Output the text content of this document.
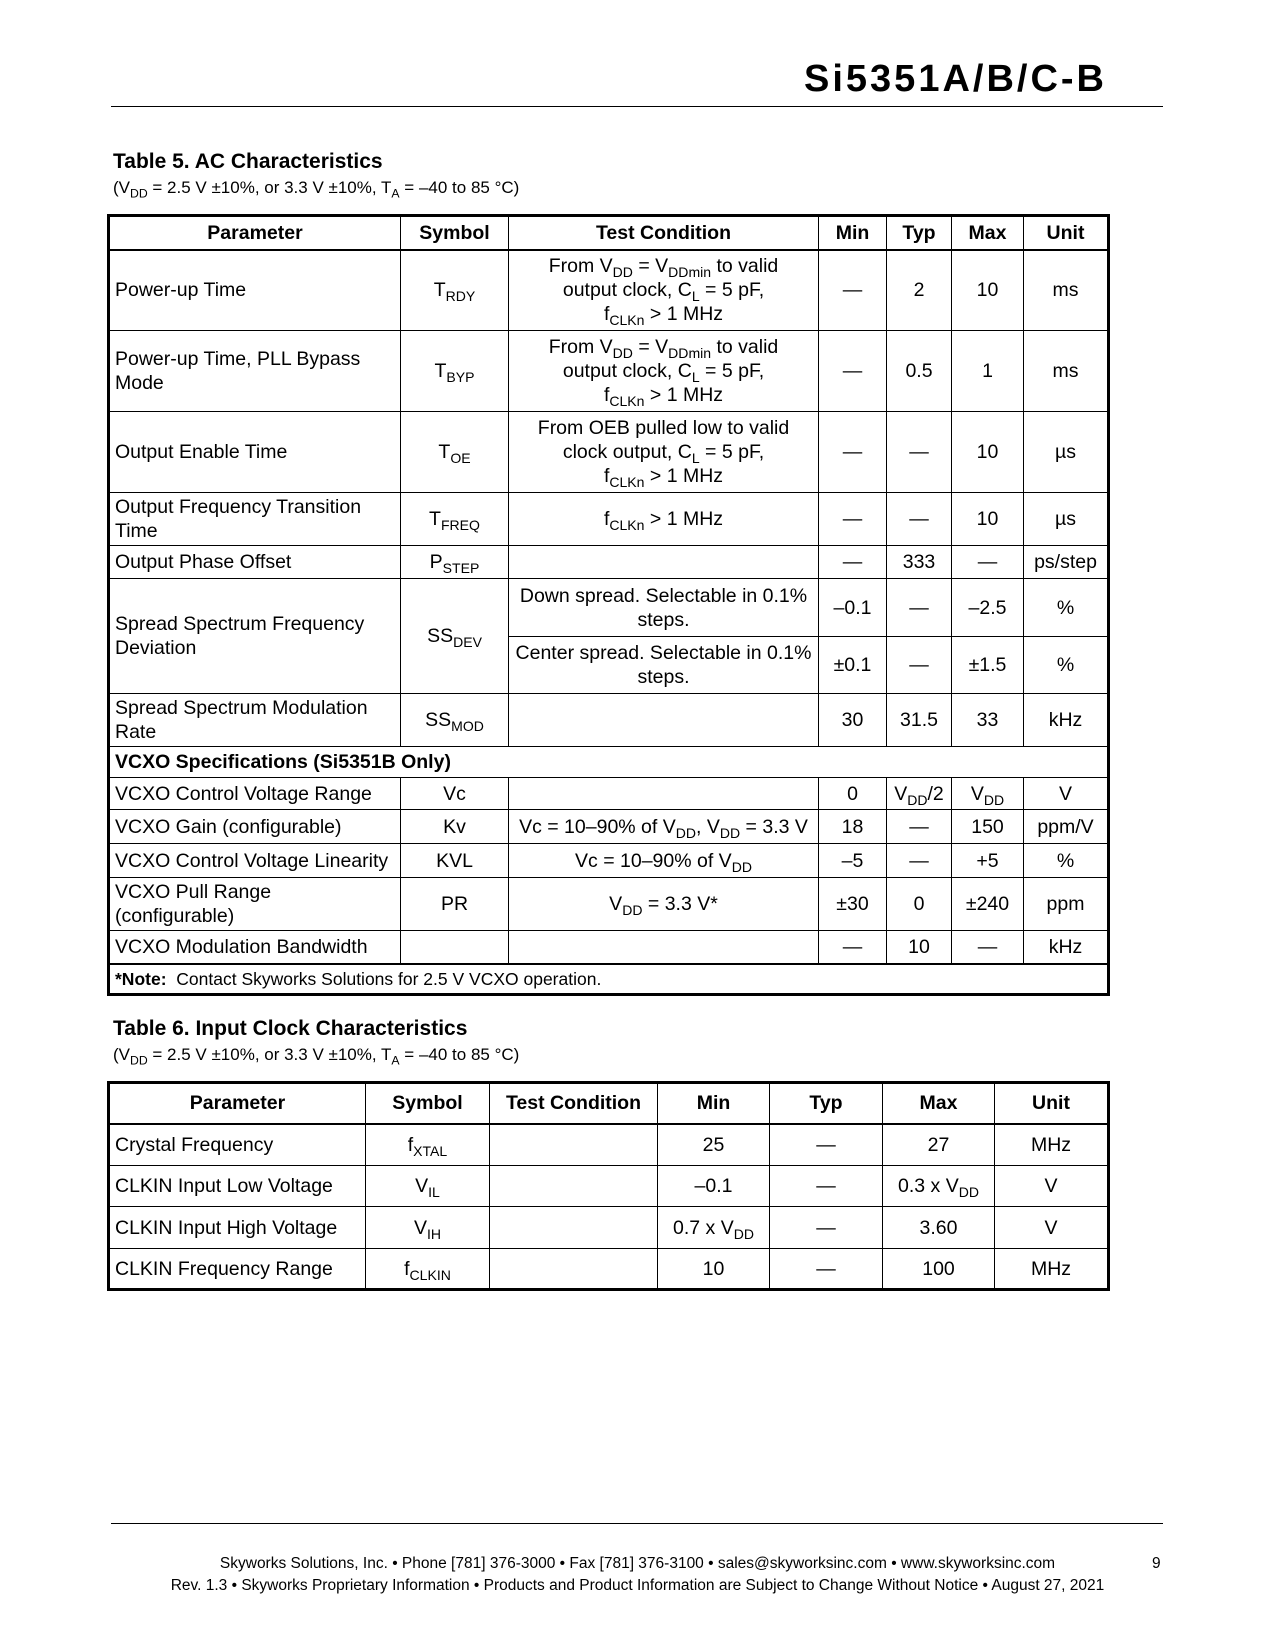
Si5351A/B/C-B
Table 5. AC Characteristics
($V_{DD} = 2.5$ V ±10%, or 3.3 V ±10%, $T_A = -40$ to 85 °C)
Parameter	Symbol	Test Condition	Min	Typ	Max	Unit
Power-up Time	$T_{RDY}$	From $V_{DD} = V_{DDmin}$ to valid
output clock, $C_L = 5$ pF,
$f_{CLKn} > 1$ MHz	—	2	10	ms
Power-up Time, PLL Bypass Mode	$T_{BYP}$	From $V_{DD} = V_{DDmin}$ to valid
output clock, $C_L = 5$ pF,
$f_{CLKn} > 1$ MHz	—	0.5	1	ms
Output Enable Time	$T_{OE}$	From OEB pulled low to valid
clock output, $C_L = 5$ pF,
$f_{CLKn} > 1$ MHz	—	—	10	µs
Output Frequency Transition Time	$T_{FREQ}$	$f_{CLKn} > 1$ MHz	—	—	10	µs
Output Phase Offset	$P_{STEP}$		—	333	—	ps/step
Spread Spectrum Frequency Deviation	$SS_{DEV}$	Down spread. Selectable in 0.1% steps.	–0.1	—	–2.5	%
		Center spread. Selectable in 0.1% steps.	±0.1	—	±1.5	%
Spread Spectrum Modulation Rate	$SS_{MOD}$		30	31.5	33	kHz
VCXO Specifications (Si5351B Only)						
VCXO Control Voltage Range	Vc		0	$V_{DD}/2$	$V_{DD}$	V
VCXO Gain (configurable)	Kv	Vc = 10–90% of $V_{DD}$, $V_{DD} = 3.3$ V	18	—	150	ppm/V
VCXO Control Voltage Linearity	KVL	Vc = 10–90% of $V_{DD}$	–5	—	+5	%
VCXO Pull Range (configurable)	PR	$V_{DD} = 3.3$ V*	±30	0	±240	ppm
VCXO Modulation Bandwidth			—	10	—	kHz
*Note: Contact Skyworks Solutions for 2.5 V VCXO operation.						
Table 6. Input Clock Characteristics
($V_{DD} = 2.5$ V ±10%, or 3.3 V ±10%, $T_A = -40$ to 85 °C)
Parameter	Symbol	Test Condition	Min	Typ	Max	Unit
Crystal Frequency	$f_{XTAL}$		25	—	27	MHz
CLKIN Input Low Voltage	$V_{IL}$		–0.1	—	0.3 x $V_{DD}$	V
CLKIN Input High Voltage	$V_{IH}$		0.7 x $V_{DD}$	—	3.60	V
CLKIN Frequency Range	$f_{CLKIN}$		10	—	100	MHz
Skyworks Solutions, Inc. • Phone [781] 376-3000 • Fax [781] 376-3100 • sales@skyworksinc.com • www.skyworksinc.com
Rev. 1.3 • Skyworks Proprietary Information • Products and Product Information are Subject to Change Without Notice • August 27, 2021
9
